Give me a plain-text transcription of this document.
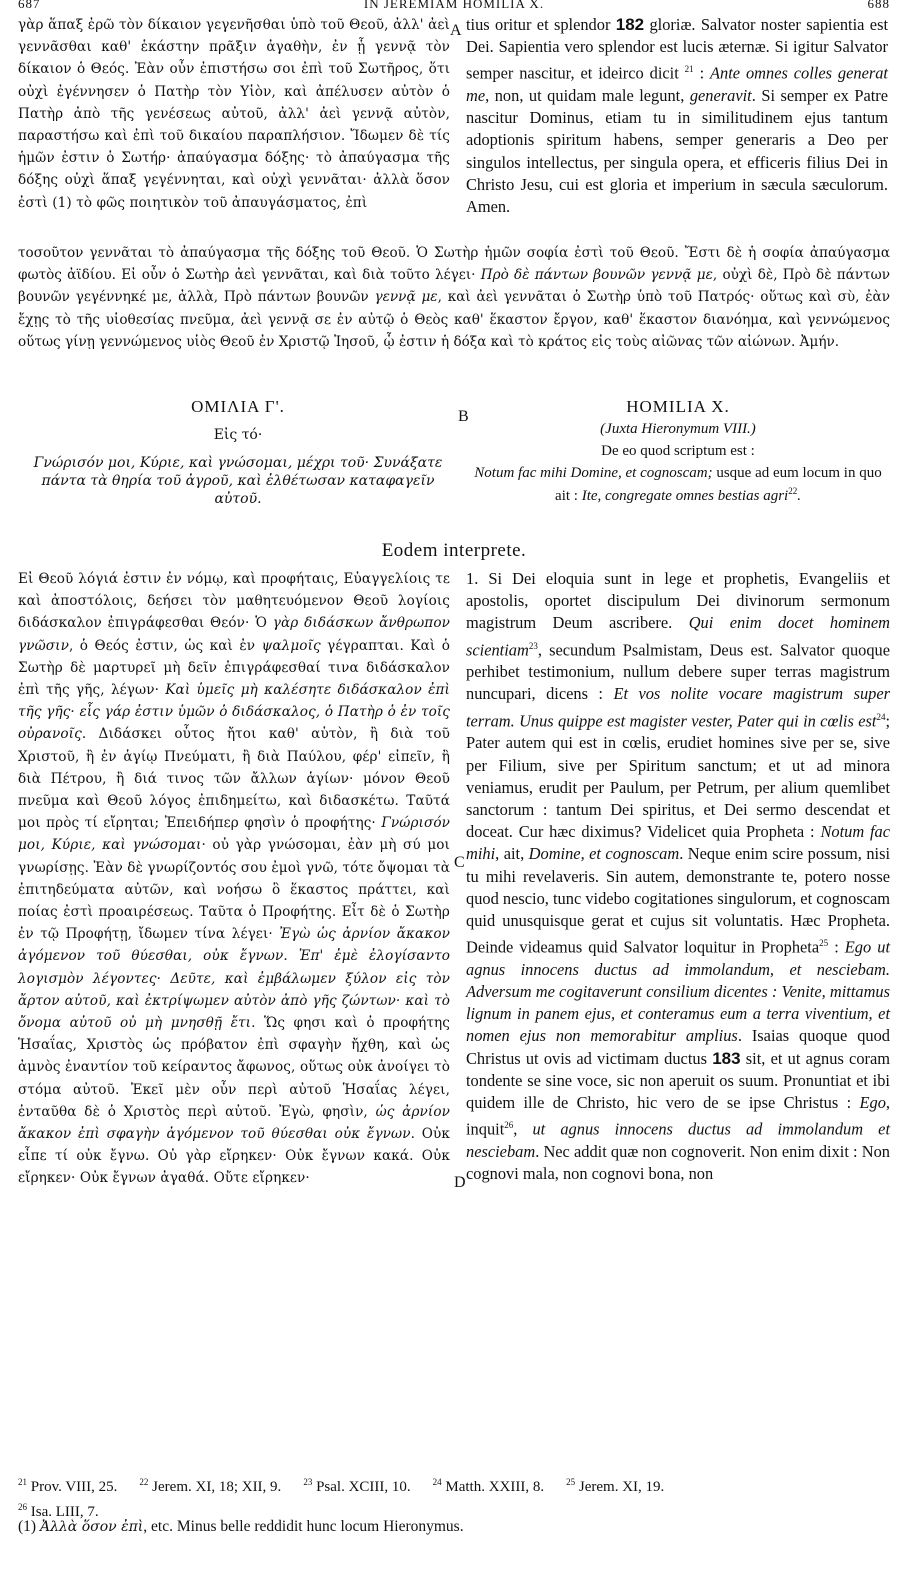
687	IN JEREMIAM HOMILIA X.	688

γὰρ ἅπαξ ἐρῶ τὸν δίκαιον γεγενῆσθαι ὑπὸ τοῦ Θεοῦ, ἀλλ' ἀεὶ γεννᾶσθαι καθ' ἑκάστην πρᾶξιν ἀγαθὴν, ἐν ᾗ γεννᾷ τὸν δίκαιον ὁ Θεός. Ἐὰν οὖν ἐπιστήσω σοι ἐπὶ τοῦ Σωτῆρος, ὅτι οὐχὶ ἐγέννησεν ὁ Πατὴρ τὸν Υἱὸν, καὶ ἀπέλυσεν αὐτὸν ὁ Πατὴρ ἀπὸ τῆς γενέσεως αὐτοῦ, ἀλλ' ἀεὶ γεννᾷ αὐτὸν, παραστήσω καὶ ἐπὶ τοῦ δικαίου παραπλήσιον. Ἴδωμεν δὲ τίς ἡμῶν ἐστιν ὁ Σωτήρ· ἀπαύγασμα δόξης· τὸ ἀπαύγασμα τῆς δόξης οὐχὶ ἅπαξ γεγέννηται, καὶ οὐχὶ γεννᾶται· ἀλλὰ ὅσον ἐστὶ (1) τὸ φῶς ποιητικὸν τοῦ ἀπαυγάσματος, ἐπὶ

A tius oritur et splendor 182 gloriæ. Salvator noster sapientia est Dei. Sapientia vero splendor est lucis æternæ. Si igitur Salvator semper nascitur, et ideirco dicit $^{21}$ : Ante omnes colles generat me, non, ut quidam male legunt, generavit. Si semper ex Patre nascitur Dominus, etiam tu in similitudinem ejus tantum adoptionis spiritum habens, semper generaris a Deo per singulos intellectus, per singula opera, et efficeris filius Dei in Christo Jesu, cui est gloria et imperium in sæcula sæculorum. Amen.

τοσοῦτον γεννᾶται τὸ ἀπαύγασμα τῆς δόξης τοῦ Θεοῦ. Ὁ Σωτὴρ ἡμῶν σοφία ἐστὶ τοῦ Θεοῦ. Ἔστι δὲ ἡ σοφία ἀπαύγασμα φωτὸς ἀϊδίου. Εἰ οὖν ὁ Σωτὴρ ἀεὶ γεννᾶται, καὶ διὰ τοῦτο λέγει· Πρὸ δὲ πάντων βουνῶν γεννᾷ με, οὐχὶ δὲ, Πρὸ δὲ πάντων βουνῶν γεγέννηκέ με, ἀλλὰ, Πρὸ πάντων βουνῶν γεννᾷ με, καὶ ἀεὶ γεννᾶται ὁ Σωτὴρ ὑπὸ τοῦ Πατρός· οὕτως καὶ σὺ, ἐὰν ἔχῃς τὸ τῆς υἱοθεσίας πνεῦμα, ἀεὶ γεννᾷ σε ἐν αὐτῷ ὁ Θεὸς καθ' ἕκαστον ἔργον, καθ' ἕκαστον διανόημα, καὶ γεννώμενος οὕτως γίνῃ γεννώμενος υἱὸς Θεοῦ ἐν Χριστῷ Ἰησοῦ, ᾧ ἐστιν ἡ δόξα καὶ τὸ κράτος εἰς τοὺς αἰῶνας τῶν αἰώνων. Ἀμήν.
ΟΜΙΛΙΑ Γ'.
Εἰς τό·
Γνώρισόν μοι, Κύριε, καὶ γνώσομαι, μέχρι τοῦ· Συνάξατε πάντα τὰ θηρία τοῦ ἀγροῦ, καὶ ἐλθέτωσαν καταφαγεῖν αὐτοῦ.
B
HOMILIA X.
(Juxta Hieronymum VIII.)
De eo quod scriptum est :
Notum fac mihi Domine, et cognoscam; usque ad eum locum in quo ait : Ite, congregate omnes bestias agri$^{22}$.
Eodem interprete.

Εἰ Θεοῦ λόγιά ἐστιν ἐν νόμῳ, καὶ προφήταις, Εὐαγγελίοις τε καὶ ἀποστόλοις, δεήσει τὸν μαθητευόμενον Θεοῦ λογίοις διδάσκαλον ἐπιγράφεσθαι Θεόν· Ὁ γὰρ διδάσκων ἄνθρωπον γνῶσιν, ὁ Θεός ἐστιν, ὡς καὶ ἐν ψαλμοῖς γέγραπται. Καὶ ὁ Σωτὴρ δὲ μαρτυρεῖ μὴ δεῖν ἐπιγράφεσθαί τινα διδάσκαλον ἐπὶ τῆς γῆς, λέγων· Καὶ ὑμεῖς μὴ καλέσητε διδάσκαλον ἐπὶ τῆς γῆς· εἷς γάρ ἐστιν ὑμῶν ὁ διδάσκαλος, ὁ Πατὴρ ὁ ἐν τοῖς οὐρανοῖς. Διδάσκει οὗτος ἤτοι καθ' αὑτὸν, ἢ διὰ τοῦ Χριστοῦ, ἢ ἐν ἁγίῳ Πνεύματι, ἢ διὰ Παύλου, φέρ' εἰπεῖν, ἢ διὰ Πέτρου, ἢ διά τινος τῶν ἄλλων ἁγίων· μόνον Θεοῦ πνεῦμα καὶ Θεοῦ λόγος ἐπιδημείτω, καὶ διδασκέτω. Ταῦτά μοι πρὸς τί εἴρηται; Ἐπειδήπερ φησὶν ὁ προφήτης· Γνώρισόν μοι, Κύριε, καὶ γνώσομαι· οὐ γὰρ γνώσομαι, ἐὰν μὴ σύ μοι γνωρίσῃς. Ἐὰν δὲ γνωρίζοντός σου ἐμοὶ γνῶ, τότε ὄψομαι τὰ ἐπιτηδεύματα αὐτῶν, καὶ νοήσω ὃ ἕκαστος πράττει, καὶ ποίας ἐστὶ προαιρέσεως. Ταῦτα ὁ Προφήτης. Εἶτ δὲ ὁ Σωτὴρ ἐν τῷ Προφήτῃ, ἴδωμεν τίνα λέγει· Ἐγὼ ὡς ἀρνίον ἄκακον ἀγόμενον τοῦ θύεσθαι, οὐκ ἔγνων. Ἐπ' ἐμὲ ἐλογίσαντο λογισμὸν λέγοντες· Δεῦτε, καὶ ἐμβάλωμεν ξύλον εἰς τὸν ἄρτον αὐτοῦ, καὶ ἐκτρίψωμεν αὐτὸν ἀπὸ γῆς ζώντων· καὶ τὸ ὄνομα αὐτοῦ οὐ μὴ μνησθῇ ἔτι. Ὥς φησι καὶ ὁ προφήτης Ἡσαΐας, Χριστὸς ὡς πρόβατον ἐπὶ σφαγὴν ἤχθη, καὶ ὡς ἀμνὸς ἐναντίον τοῦ κείραντος ἄφωνος, οὕτως οὐκ ἀνοίγει τὸ στόμα αὐτοῦ. Ἐκεῖ μὲν οὖν περὶ αὐτοῦ Ἡσαΐας λέγει, ἐνταῦθα δὲ ὁ Χριστὸς περὶ αὐτοῦ. Ἐγὼ, φησὶν, ὡς ἀρνίον ἄκακον ἐπὶ σφαγὴν ἀγόμενον τοῦ θύεσθαι οὐκ ἔγνων. Οὐκ εἶπε τί οὐκ ἔγνω. Οὐ γὰρ εἴρηκεν· Οὐκ ἔγνων κακά. Οὐκ εἴρηκεν· Οὐκ ἔγνων ἀγαθά. Οὔτε εἴρηκεν·

C
D

1. Si Dei eloquia sunt in lege et prophetis, Evangeliis et apostolis, oportet discipulum Dei divinorum sermonum magistrum Deum ascribere. Qui enim docet hominem scientiam$^{23}$, secundum Psalmistam, Deus est. Salvator quoque perhibet testimonium, nullum debere super terras magistrum nuncupari, dicens : Et vos nolite vocare magistrum super terram. Unus quippe est magister vester, Pater qui in cœlis est$^{24}$; Pater autem qui est in cœlis, erudiet homines sive per se, sive per Filium, sive per Spiritum sanctum; et ut ad minora veniamus, erudit per Paulum, per Petrum, per alium quemlibet sanctorum : tantum Dei spiritus, et Dei sermo descendat et doceat. Cur hæc diximus? Videlicet quia Propheta : Notum fac mihi, ait, Domine, et cognoscam. Neque enim scire possum, nisi tu mihi revelaveris. Sin autem, demonstrante te, potero nosse quod nescio, tunc videbo cogitationes singulorum, et cognoscam quid unusquisque gerat et cujus sit voluntatis. Hæc Propheta. Deinde videamus quid Salvator loquitur in Propheta$^{25}$ : Ego ut agnus innocens ductus ad immolandum, et nesciebam. Adversum me cogitaverunt consilium dicentes : Venite, mittamus lignum in panem ejus, et conteramus eum a terra viventium, et nomen ejus non memorabitur amplius. Isaias quoque quod Christus ut ovis ad victimam ductus 183 sit, et ut agnus coram tondente se sine voce, sic non aperuit os suum. Pronuntiat et ibi quidem ille de Christo, hic vero de se ipse Christus : Ego, inquit$^{26}$, ut agnus innocens ductus ad immolandum et nesciebam. Nec addit quæ non cognoverit. Non enim dixit : Non cognovi mala, non cognovi bona, non

$^{21}$ Prov. VIII, 25. $^{22}$ Jerem. XI, 18; XII, 9. $^{23}$ Psal. XCIII, 10. $^{24}$ Matth. XXIII, 8. $^{25}$ Jerem. XI, 19.
$^{26}$ Isa. LIII, 7.
(1) Ἀλλὰ ὅσον ἐπὶ, etc. Minus belle reddidit hunc locum Hieronymus.
